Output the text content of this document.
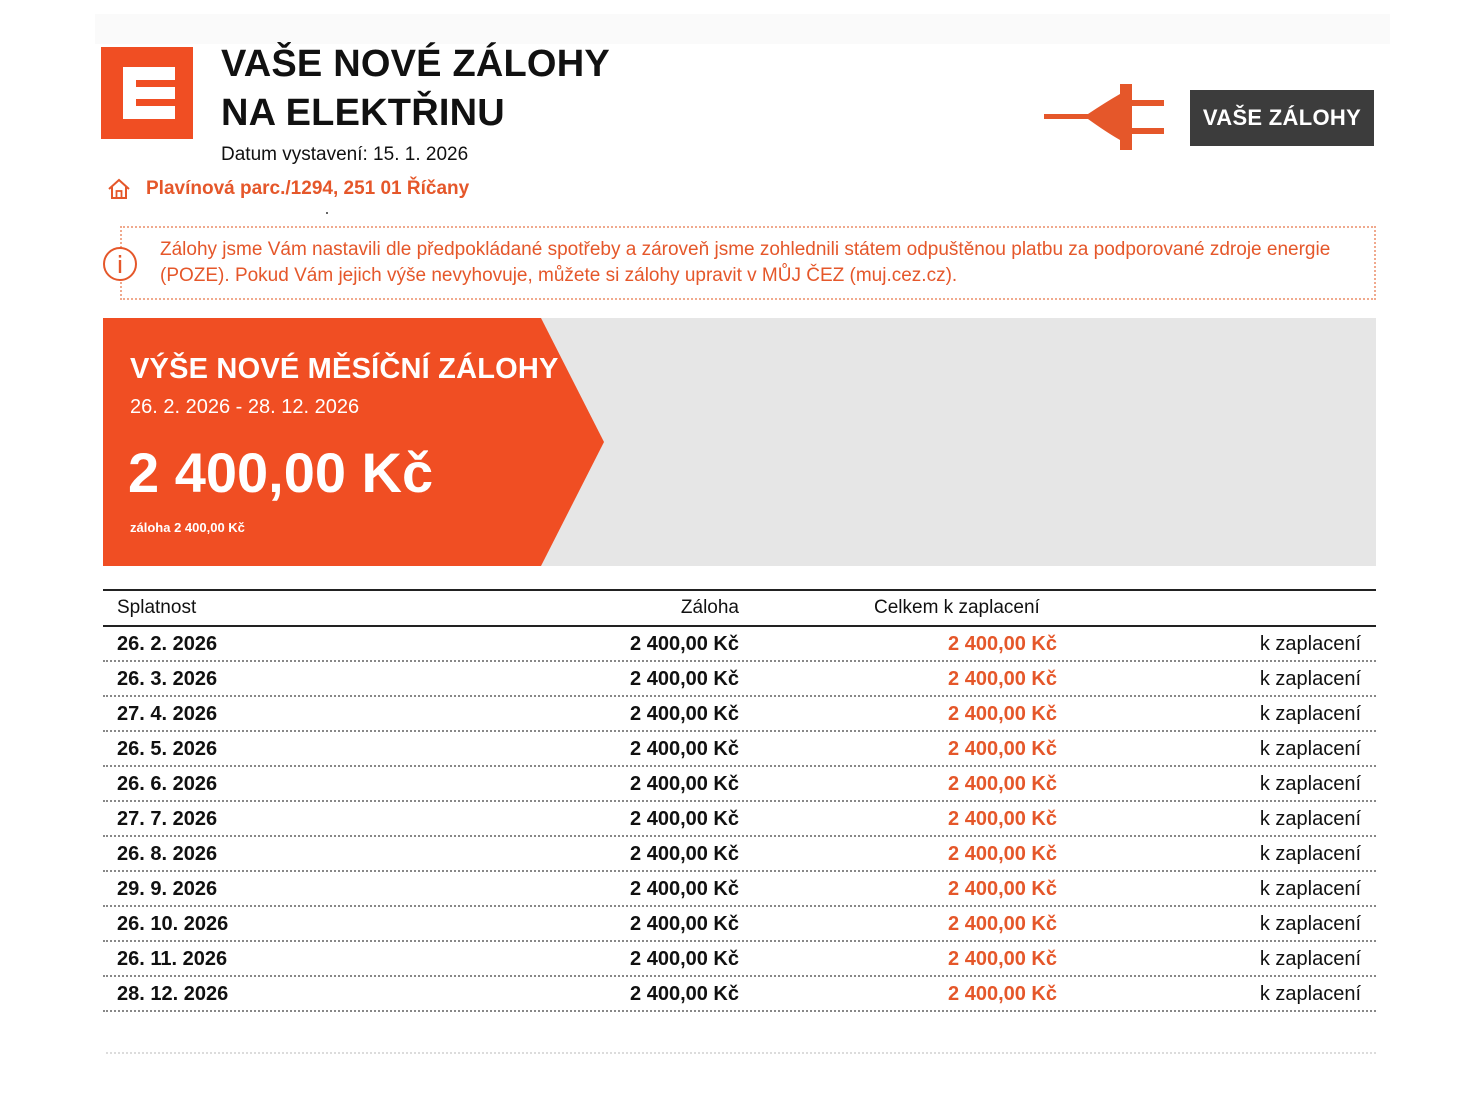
VAŠE NOVÉ ZÁLOHY
NA ELEKTŘINU
Datum vystavení: 15. 1. 2026
Plavínová parc./1294, 251 01 Říčany
VAŠE ZÁLOHY
Zálohy jsme Vám nastavili dle předpokládané spotřeby a zároveň jsme zohlednili státem odpuštěnou platbu za podporované zdroje energie (POZE). Pokud Vám jejich výše nevyhovuje, můžete si zálohy upravit v MŮJ ČEZ (muj.cez.cz).
VÝŠE NOVÉ MĚSÍČNÍ ZÁLOHY
26. 2. 2026 - 28. 12. 2026
2 400,00 Kč
záloha 2 400,00 Kč
Splatnost	Záloha	Celkem k zaplacení
26. 2. 2026	2 400,00 Kč	2 400,00 Kč	k zaplacení
26. 3. 2026	2 400,00 Kč	2 400,00 Kč	k zaplacení
27. 4. 2026	2 400,00 Kč	2 400,00 Kč	k zaplacení
26. 5. 2026	2 400,00 Kč	2 400,00 Kč	k zaplacení
26. 6. 2026	2 400,00 Kč	2 400,00 Kč	k zaplacení
27. 7. 2026	2 400,00 Kč	2 400,00 Kč	k zaplacení
26. 8. 2026	2 400,00 Kč	2 400,00 Kč	k zaplacení
29. 9. 2026	2 400,00 Kč	2 400,00 Kč	k zaplacení
26. 10. 2026	2 400,00 Kč	2 400,00 Kč	k zaplacení
26. 11. 2026	2 400,00 Kč	2 400,00 Kč	k zaplacení
28. 12. 2026	2 400,00 Kč	2 400,00 Kč	k zaplacení
